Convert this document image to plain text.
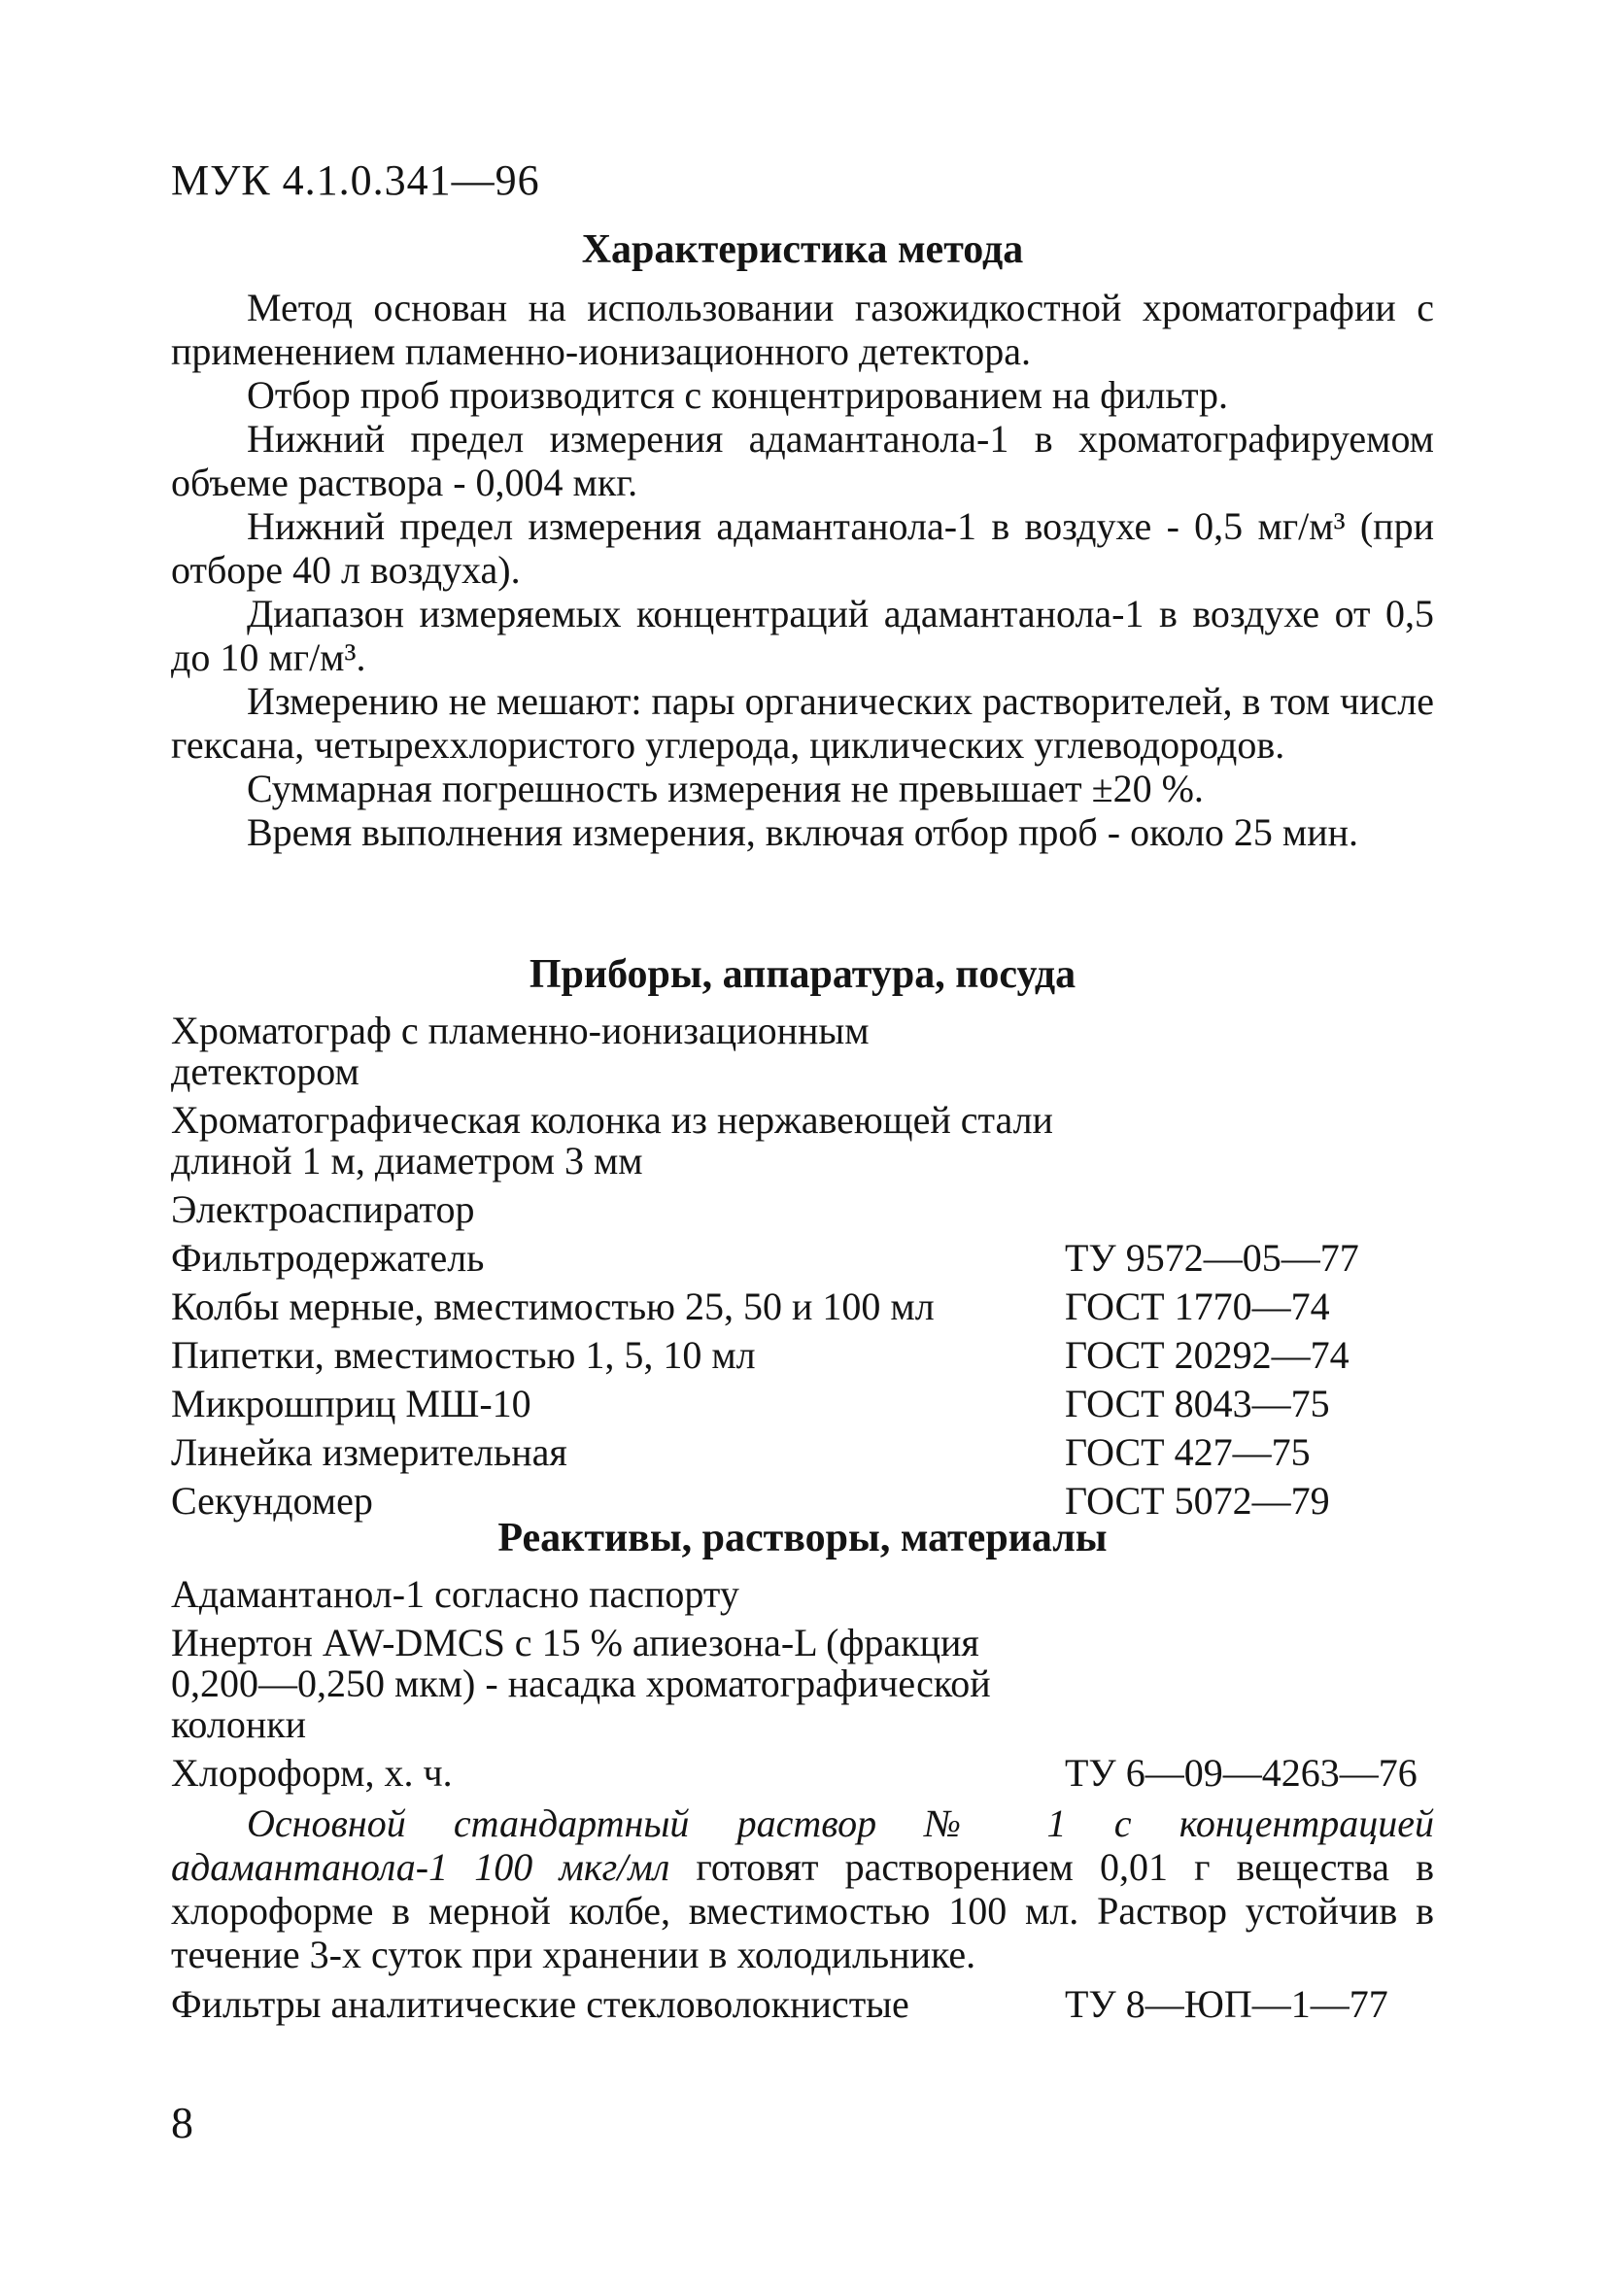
МУК 4.1.0.341—96
Характеристика метода

Метод основан на использовании газожидкостной хроматографии с применением пламенно-ионизационного детектора.

Отбор проб производится с концентрированием на фильтр.

Нижний предел измерения адамантанола-1 в хроматографируемом объеме раствора - 0,004 мкг.

Нижний предел измерения адамантанола-1 в воздухе - 0,5 мг/м³ (при отборе 40 л воздуха).

Диапазон измеряемых концентраций адамантанола-1 в воздухе от 0,5 до 10 мг/м³.

Измерению не мешают: пары органических растворителей, в том числе гексана, четыреххлористого углерода, циклических углеводородов.

Суммарная погрешность измерения не превышает ±20 %.

Время выполнения измерения, включая отбор проб - около 25 мин.

Приборы, аппаратура, посуда
Хроматограф с пламенно-ионизационным детектором
Хроматографическая колонка из нержавеющей стали длиной 1 м, диаметром 3 мм
Электроаспиратор
Фильтродержатель	ТУ 9572—05—77
Колбы мерные, вместимостью 25, 50 и 100 мл	ГОСТ 1770—74
Пипетки, вместимостью 1, 5, 10 мл	ГОСТ 20292—74
Микрошприц МШ-10	ГОСТ 8043—75
Линейка измерительная	ГОСТ 427—75
Секундомер	ГОСТ 5072—79
Реактивы, растворы, материалы
Адамантанол-1 согласно паспорту
Инертон AW-DMCS с 15 % апиезона-L (фракция 0,200—0,250 мкм) - насадка хроматографической колонки
Хлороформ, х. ч.	ТУ 6—09—4263—76

Основной стандартный раствор № 1 с концентрацией адамантанола-1 100 мкг/мл готовят растворением 0,01 г вещества в хлороформе в мерной колбе, вместимостью 100 мл. Раствор устойчив в течение 3-х суток при хранении в холодильнике.

Фильтры аналитические стекловолокнистые	ТУ 8—ЮП—1—77
8
